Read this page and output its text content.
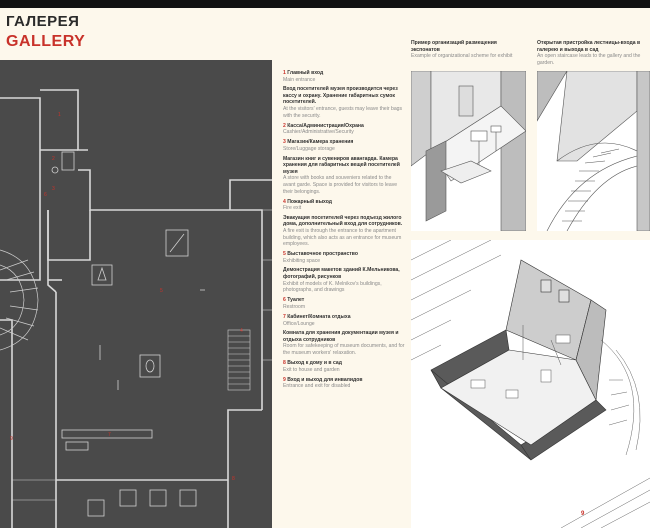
ГАЛЕРЕЯ
GALLERY
1
2
3
4
5
6
7
8
9
1 Главный вход
Main entrance
Вход посетителей музея производится через кассу и охрану. Хранение габаритных сумок посетителей.
At the visitors' entrance, guests may leave their bags with the security.
2 Касса/Администрация/Охрана
Cashier/Administrative/Security
3 Магазин/Камера хранения
Store/Luggage storage
Магазин книг и сувениров авангарда. Камера хранения для габаритных вещей посетителей музея
A store with books and souveniers related to the avant garde. Space is provided for visitors to leave their belongings.
4 Пожарный выход
Fire exit
Эвакуация посетителей через подъезд жилого дома, дополнительный вход для сотрудников.
A fire exit is through the entrance to the apartment building, which also acts as an entrance for museum employees.
5 Выставочное пространство
Exhibiting space
Демонстрация макетов зданий К.Мельникова, фотографий, рисунков
Exhibit of models of K. Melnikov's buildings, photographs, and drawings
6 Туалет
Restroom
7 Кабинет/Комната отдыха
Office/Lounge
Комната для хранения документации музея и отдыха сотрудников
Room for safekeeping of museum documents, and for the museum workers' relaxation.
8 Выход к дому и в сад
Exit to house and garden
9 Вход и выход для инвалидов
Entrance and exit for disabled
Пример организаций размещения экспонатов
Example of organizational scheme for exhibit
Открытая пристройка лестницы-входа в галерею и выхода в сад
An open staircase leads to the gallery and the garden.
9
